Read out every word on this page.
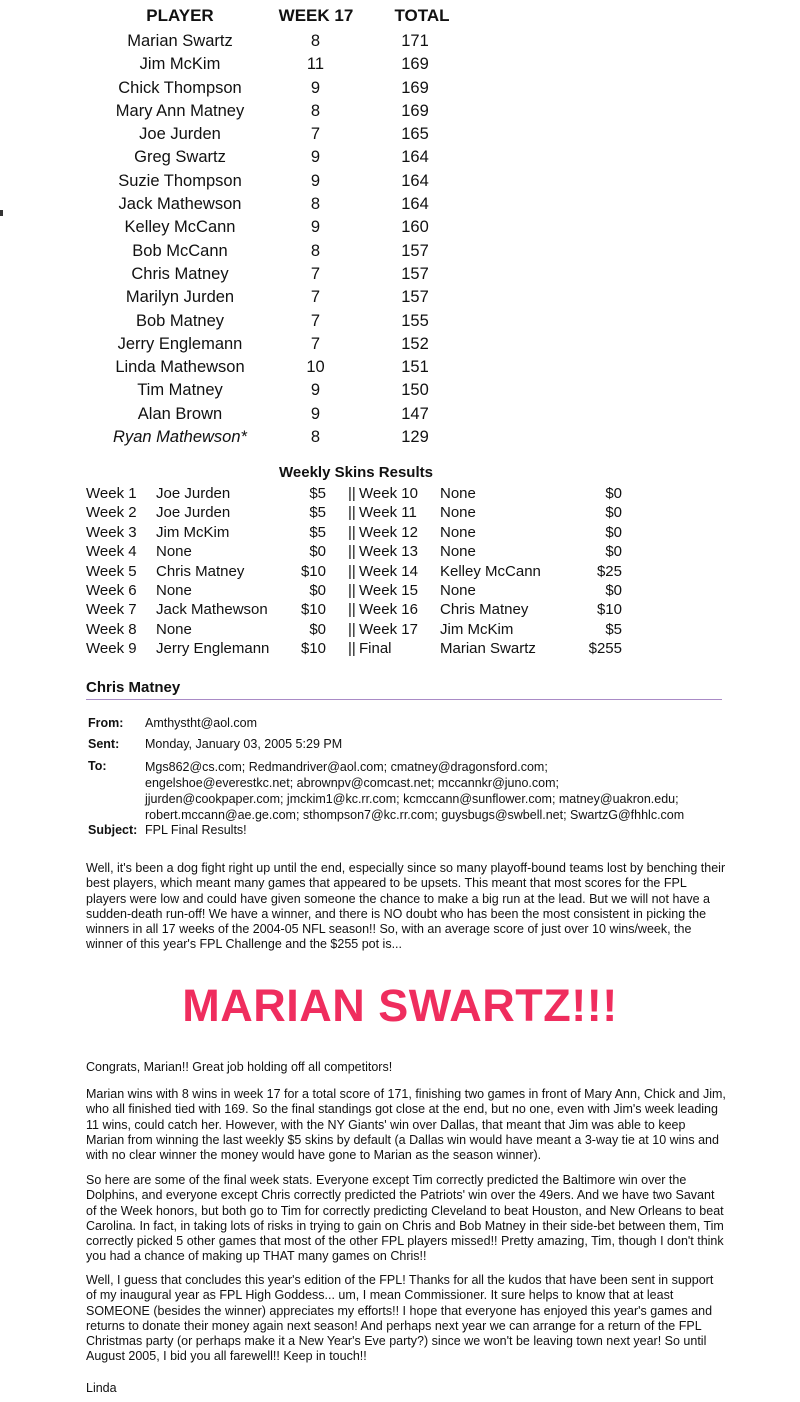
PLAYER	WEEK 17	TOTAL
Marian Swartz	8	171
Jim McKim	11	169
Chick Thompson	9	169
Mary Ann Matney	8	169
Joe Jurden	7	165
Greg Swartz	9	164
Suzie Thompson	9	164
Jack Mathewson	8	164
Kelley McCann	9	160
Bob McCann	8	157
Chris Matney	7	157
Marilyn Jurden	7	157
Bob Matney	7	155
Jerry Englemann	7	152
Linda Mathewson	10	151
Tim Matney	9	150
Alan Brown	9	147
Ryan Mathewson*	8	129
Weekly Skins Results
Week 1 Joe Jurden	$5 || Week 10 None	$0
Week 2 Joe Jurden	$5 || Week 11 None	$0
Week 3 Jim McKim	$5 || Week 12 None	$0
Week 4 None	$0 || Week 13 None	$0
Week 5 Chris Matney	$10 || Week 14 Kelley McCann	$25
Week 6 None	$0 || Week 15 None	$0
Week 7 Jack Mathewson	$10 || Week 16 Chris Matney	$10
Week 8 None	$0 || Week 17 Jim McKim	$5
Week 9 Jerry Englemann	$10 || Final	Marian Swartz	$255
Chris Matney
From:	Amthystht@aol.com
Sent:	Monday, January 03, 2005 5:29 PM
To:	Mgs862@cs.com; Redmandriver@aol.com; cmatney@dragonsford.com;
engelshoe@everestkc.net; abrownpv@comcast.net; mccannkr@juno.com;
jjurden@cookpaper.com; jmckim1@kc.rr.com; kcmccann@sunflower.com; matney@uakron.edu;
robert.mccann@ae.ge.com; sthompson7@kc.rr.com; guysbugs@swbell.net; SwartzG@fhhlc.com
Subject: FPL Final Results!
Well, it's been a dog fight right up until the end, especially since so many playoff-bound teams lost by benching their best players, which meant many games that appeared to be upsets. This meant that most scores for the FPL players were low and could have given someone the chance to make a big run at the lead. But we will not have a sudden-death run-off! We have a winner, and there is NO doubt who has been the most consistent in picking the winners in all 17 weeks of the 2004-05 NFL season!! So, with an average score of just over 10 wins/week, the winner of this year's FPL Challenge and the $255 pot is...
MARIAN SWARTZ!!!
Congrats, Marian!! Great job holding off all competitors!
Marian wins with 8 wins in week 17 for a total score of 171, finishing two games in front of Mary Ann, Chick and Jim, who all finished tied with 169. So the final standings got close at the end, but no one, even with Jim's week leading 11 wins, could catch her. However, with the NY Giants' win over Dallas, that meant that Jim was able to keep Marian from winning the last weekly $5 skins by default (a Dallas win would have meant a 3-way tie at 10 wins and with no clear winner the money would have gone to Marian as the season winner).
So here are some of the final week stats. Everyone except Tim correctly predicted the Baltimore win over the Dolphins, and everyone except Chris correctly predicted the Patriots' win over the 49ers. And we have two Savant of the Week honors, but both go to Tim for correctly predicting Cleveland to beat Houston, and New Orleans to beat Carolina. In fact, in taking lots of risks in trying to gain on Chris and Bob Matney in their side-bet between them, Tim correctly picked 5 other games that most of the other FPL players missed!! Pretty amazing, Tim, though I don't think you had a chance of making up THAT many games on Chris!!
Well, I guess that concludes this year's edition of the FPL! Thanks for all the kudos that have been sent in support of my inaugural year as FPL High Goddess... um, I mean Commissioner. It sure helps to know that at least SOMEONE (besides the winner) appreciates my efforts!! I hope that everyone has enjoyed this year's games and returns to donate their money again next season! And perhaps next year we can arrange for a return of the FPL Christmas party (or perhaps make it a New Year's Eve party?) since we won't be leaving town next year! So until August 2005, I bid you all farewell!! Keep in touch!!
Linda
